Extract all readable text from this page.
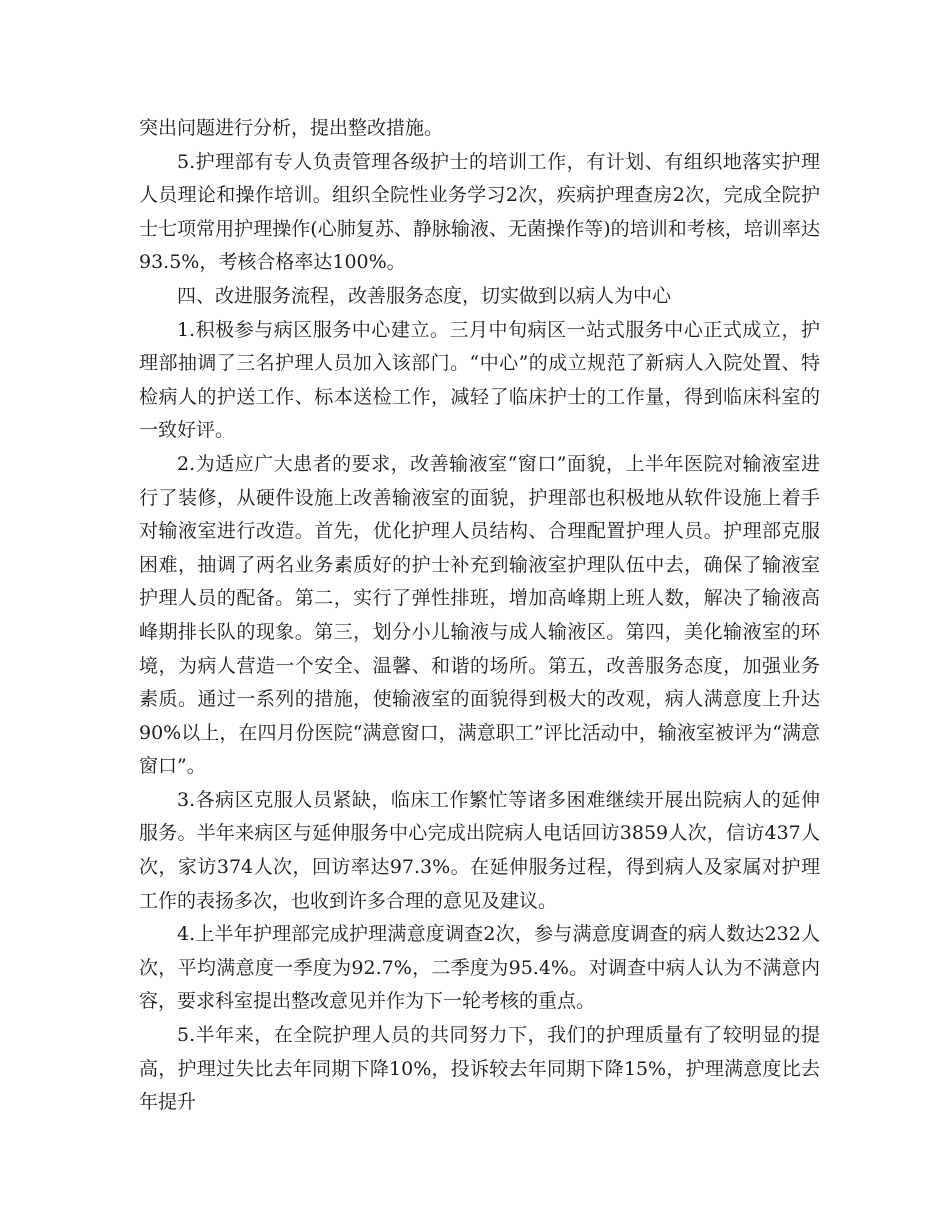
突出问题进行分析，提出整改措施。

5.护理部有专人负责管理各级护士的培训工作，有计划、有组织地落实护理人员理论和操作培训。组织全院性业务学习2次，疾病护理查房2次，完成全院护士七项常用护理操作(心肺复苏、静脉输液、无菌操作等)的培训和考核，培训率达93.5%，考核合格率达100%。

四、改进服务流程，改善服务态度，切实做到以病人为中心

1.积极参与病区服务中心建立。三月中旬病区一站式服务中心正式成立，护理部抽调了三名护理人员加入该部门。“中心”的成立规范了新病人入院处置、特检病人的护送工作、标本送检工作，减轻了临床护士的工作量，得到临床科室的一致好评。

2.为适应广大患者的要求，改善输液室“窗口”面貌，上半年医院对输液室进行了装修，从硬件设施上改善输液室的面貌，护理部也积极地从软件设施上着手对输液室进行改造。首先，优化护理人员结构、合理配置护理人员。护理部克服困难，抽调了两名业务素质好的护士补充到输液室护理队伍中去，确保了输液室护理人员的配备。第二，实行了弹性排班，增加高峰期上班人数，解决了输液高峰期排长队的现象。第三，划分小儿输液与成人输液区。第四，美化输液室的环境，为病人营造一个安全、温馨、和谐的场所。第五，改善服务态度，加强业务素质。通过一系列的措施，使输液室的面貌得到极大的改观，病人满意度上升达90%以上，在四月份医院“满意窗口，满意职工”评比活动中，输液室被评为“满意窗口”。

3.各病区克服人员紧缺，临床工作繁忙等诸多困难继续开展出院病人的延伸服务。半年来病区与延伸服务中心完成出院病人电话回访3859人次，信访437人次，家访374人次，回访率达97.3%。在延伸服务过程，得到病人及家属对护理工作的表扬多次，也收到许多合理的意见及建议。

4.上半年护理部完成护理满意度调查2次，参与满意度调查的病人数达232人次，平均满意度一季度为92.7%，二季度为95.4%。对调查中病人认为不满意内容，要求科室提出整改意见并作为下一轮考核的重点。

5.半年来，在全院护理人员的共同努力下，我们的护理质量有了较明显的提高，护理过失比去年同期下降10%，投诉较去年同期下降15%，护理满意度比去年提升
